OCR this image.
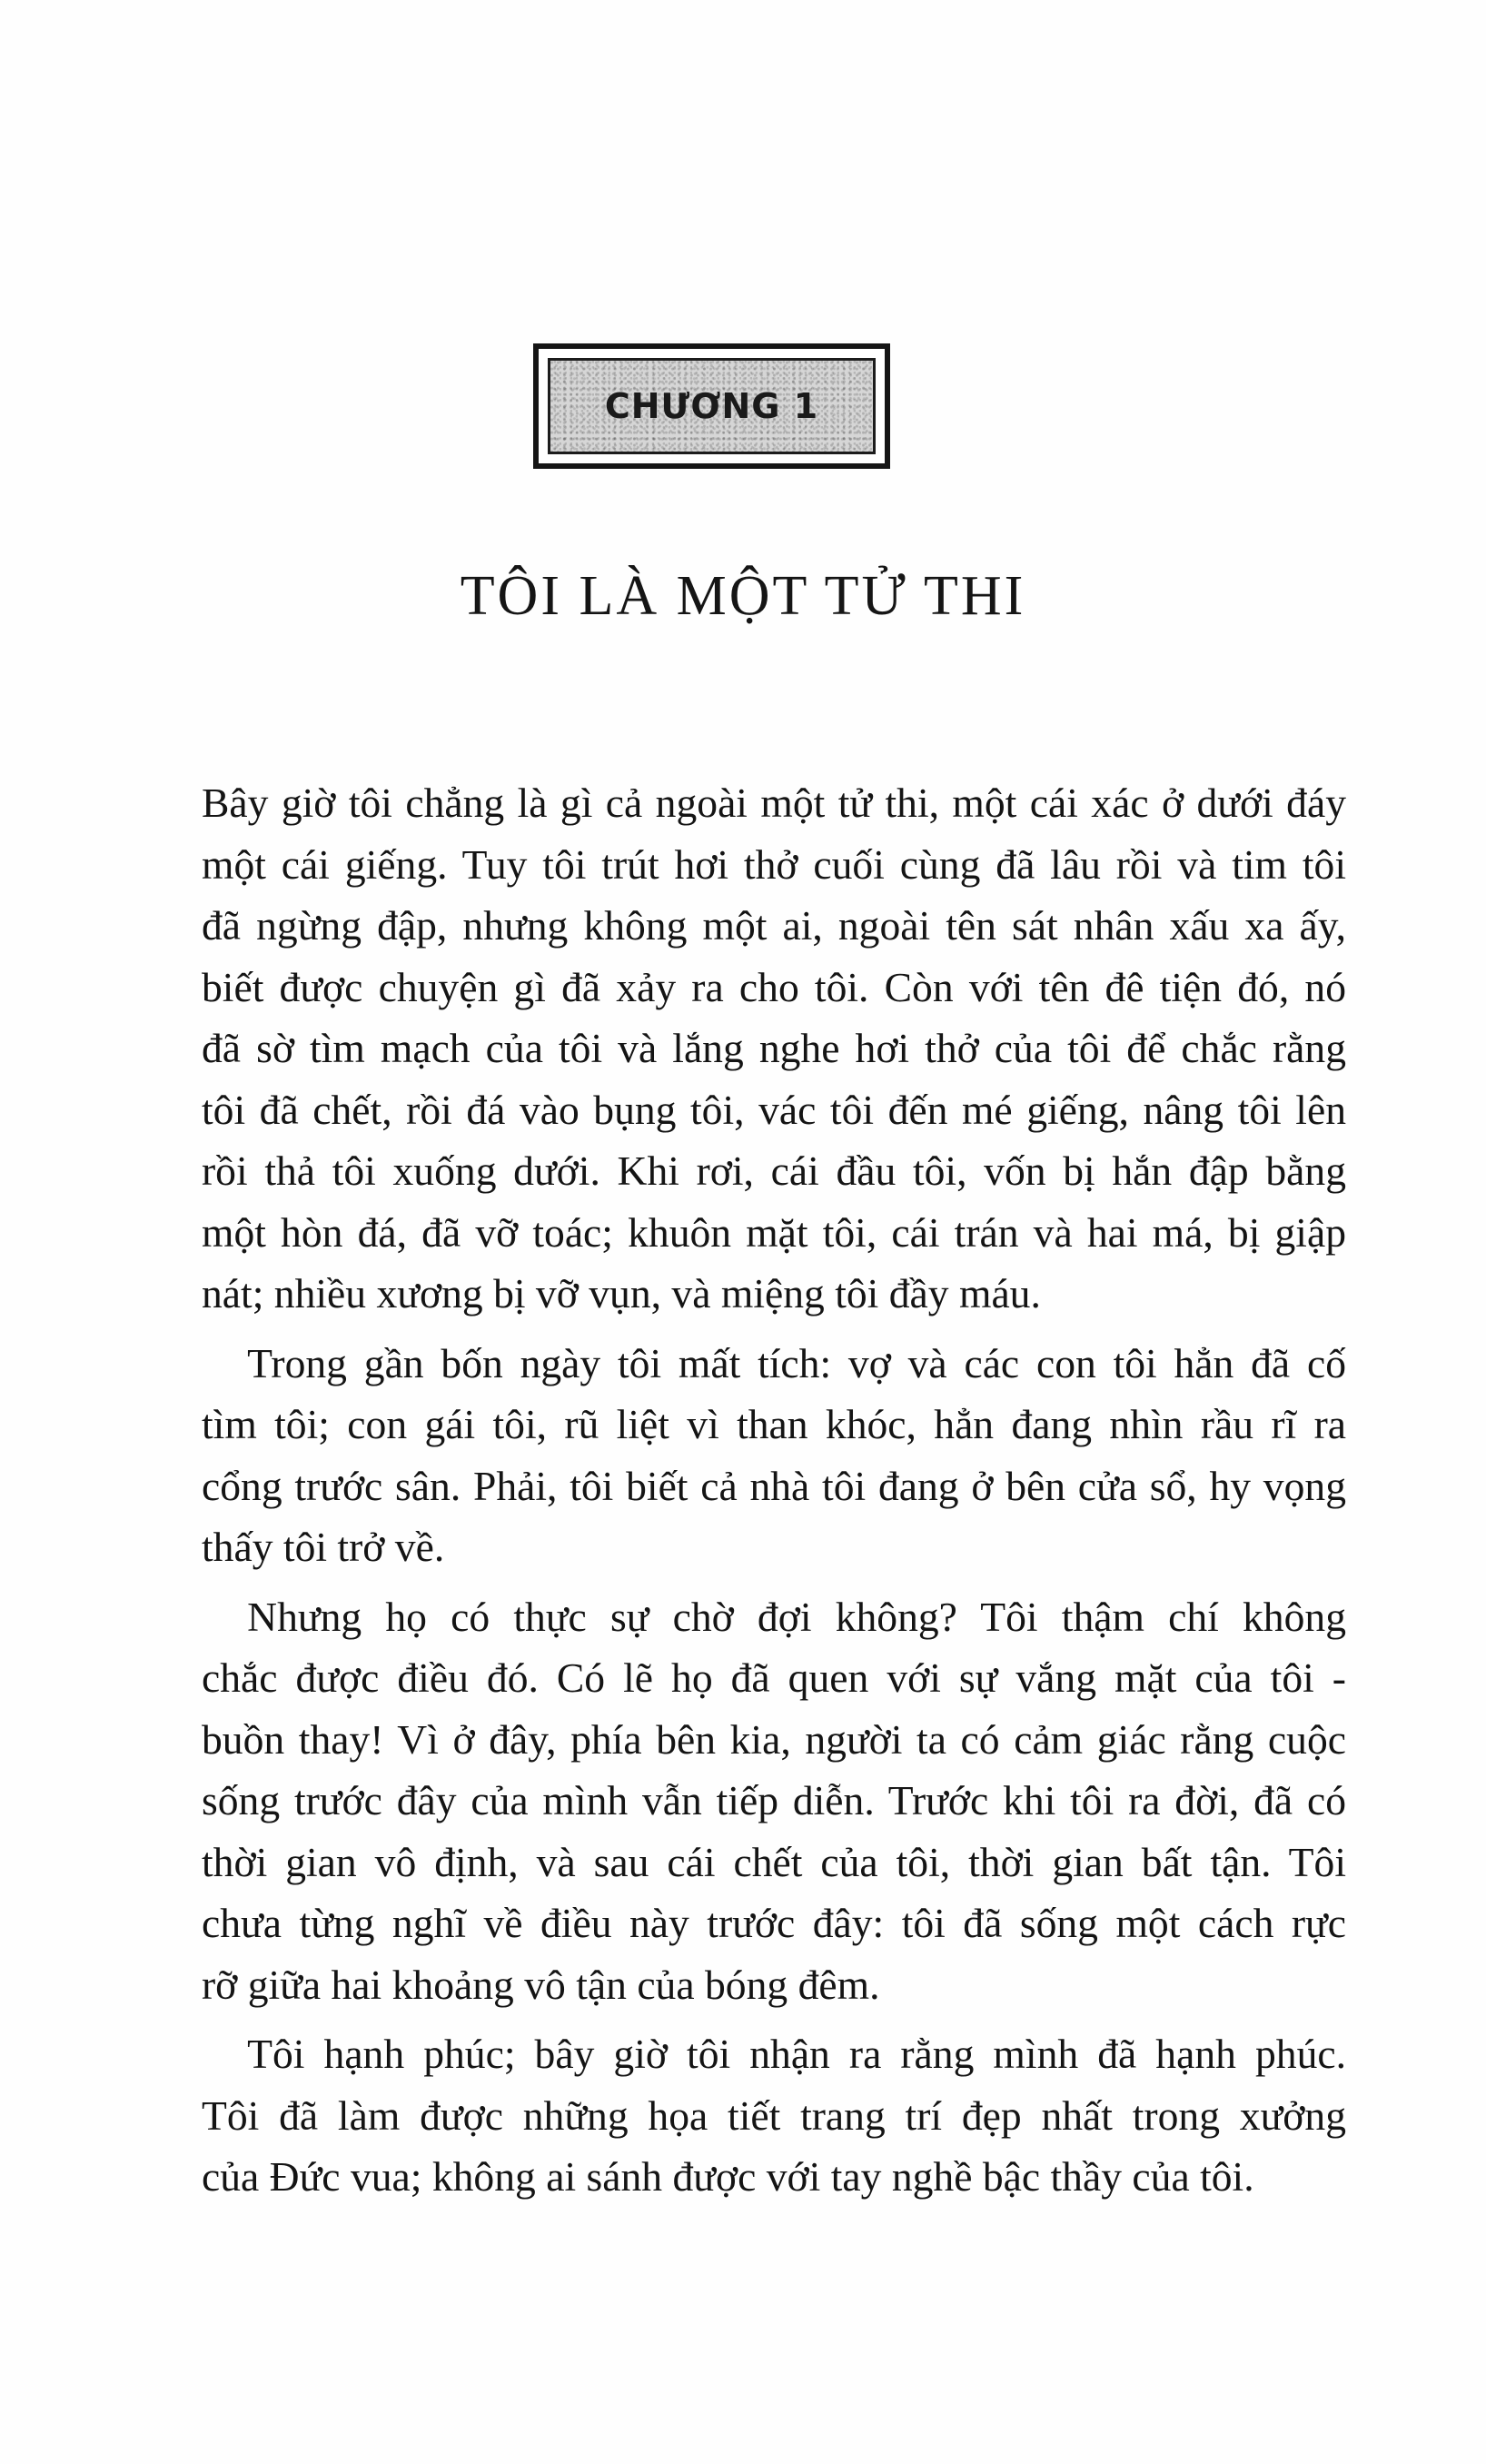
CHƯƠNG 1
TÔI LÀ MỘT TỬ THI
Bây giờ tôi chẳng là gì cả ngoài một tử thi, một cái xác ở dưới đáy
một cái giếng. Tuy tôi trút hơi thở cuối cùng đã lâu rồi và tim tôi
đã ngừng đập, nhưng không một ai, ngoài tên sát nhân xấu xa ấy,
biết được chuyện gì đã xảy ra cho tôi. Còn với tên đê tiện đó, nó
đã sờ tìm mạch của tôi và lắng nghe hơi thở của tôi để chắc rằng
tôi đã chết, rồi đá vào bụng tôi, vác tôi đến mé giếng, nâng tôi lên
rồi thả tôi xuống dưới. Khi rơi, cái đầu tôi, vốn bị hắn đập bằng
một hòn đá, đã vỡ toác; khuôn mặt tôi, cái trán và hai má, bị giập
nát; nhiều xương bị vỡ vụn, và miệng tôi đầy máu.
Trong gần bốn ngày tôi mất tích: vợ và các con tôi hẳn đã cố
tìm tôi; con gái tôi, rũ liệt vì than khóc, hẳn đang nhìn rầu rĩ ra
cổng trước sân. Phải, tôi biết cả nhà tôi đang ở bên cửa sổ, hy vọng
thấy tôi trở về.
Nhưng họ có thực sự chờ đợi không? Tôi thậm chí không
chắc được điều đó. Có lẽ họ đã quen với sự vắng mặt của tôi -
buồn thay! Vì ở đây, phía bên kia, người ta có cảm giác rằng cuộc
sống trước đây của mình vẫn tiếp diễn. Trước khi tôi ra đời, đã có
thời gian vô định, và sau cái chết của tôi, thời gian bất tận. Tôi
chưa từng nghĩ về điều này trước đây: tôi đã sống một cách rực
rỡ giữa hai khoảng vô tận của bóng đêm.
Tôi hạnh phúc; bây giờ tôi nhận ra rằng mình đã hạnh phúc.
Tôi đã làm được những họa tiết trang trí đẹp nhất trong xưởng
của Đức vua; không ai sánh được với tay nghề bậc thầy của tôi.
